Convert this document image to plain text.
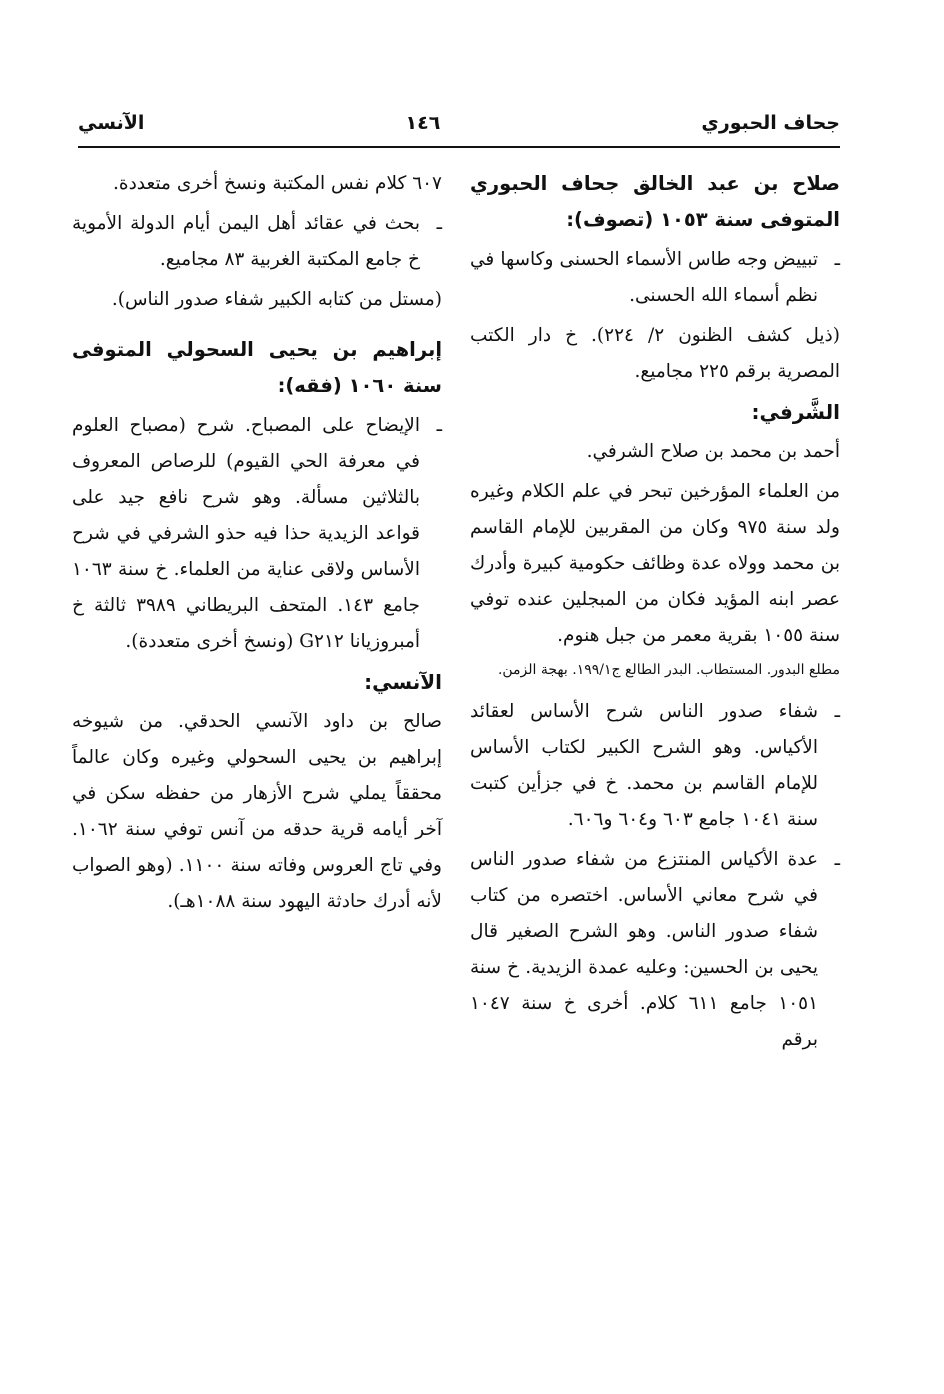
جحاف الحبوري
١٤٦
الآنسي

صلاح بن عبد الخالق جحاف الحبوري المتوفى سنة ١٠٥٣ (تصوف):

ـ
تبييض وجه طاس الأسماء الحسنى وكاسها في نظم أسماء الله الحسنى.

(ذيل كشف الظنون ٢/ ٢٢٤). خ دار الكتب المصرية برقم ٢٢٥ مجاميع.

الشَّرفي:

أحمد بن محمد بن صلاح الشرفي.

من العلماء المؤرخين تبحر في علم الكلام وغيره ولد سنة ٩٧٥ وكان من المقربين للإمام القاسم بن محمد وولاه عدة وظائف حكومية كبيرة وأدرك عصر ابنه المؤيد فكان من المبجلين عنده توفي سنة ١٠٥٥ بقرية معمر من جبل هنوم.

مطلع البدور. المستطاب. البدر الطالع ج١٩٩/١. بهجة الزمن.

ـ
شفاء صدور الناس شرح الأساس لعقائد الأكياس. وهو الشرح الكبير لكتاب الأساس للإمام القاسم بن محمد. خ في جزأين كتبت سنة ١٠٤١ جامع ٦٠٣ و٦٠٤ و٦٠٦.

ـ
عدة الأكياس المنتزع من شفاء صدور الناس في شرح معاني الأساس. اختصره من كتاب شفاء صدور الناس. وهو الشرح الصغير قال يحيى بن الحسين: وعليه عمدة الزيدية. خ سنة ١٠٥١ جامع ٦١١ كلام. أخرى خ سنة ١٠٤٧ برقم

٦٠٧ كلام نفس المكتبة ونسخ أخرى متعددة.

ـ
بحث في عقائد أهل اليمن أيام الدولة الأموية خ جامع المكتبة الغربية ٨٣ مجاميع.

(مستل من كتابه الكبير شفاء صدور الناس).

إبراهيم بن يحيى السحولي المتوفى سنة ١٠٦٠ (فقه):

ـ
الإيضاح على المصباح. شرح (مصباح العلوم في معرفة الحي القيوم) للرصاص المعروف بالثلاثين مسألة. وهو شرح نافع جيد على قواعد الزيدية حذا فيه حذو الشرفي في شرح الأساس ولاقى عناية من العلماء. خ سنة ١٠٦٣ جامع ١٤٣. المتحف البريطاني ٣٩٨٩ ثالثة خ أمبروزيانا G٢١٢ (ونسخ أخرى متعددة).

الآنسي:

صالح بن داود الآنسي الحدقي. من شيوخه إبراهيم بن يحيى السحولي وغيره وكان عالماً محققاً يملي شرح الأزهار من حفظه سكن في آخر أيامه قرية حدقه من آنس توفي سنة ١٠٦٢. وفي تاج العروس وفاته سنة ١١٠٠. (وهو الصواب لأنه أدرك حادثة اليهود سنة ١٠٨٨هـ).
